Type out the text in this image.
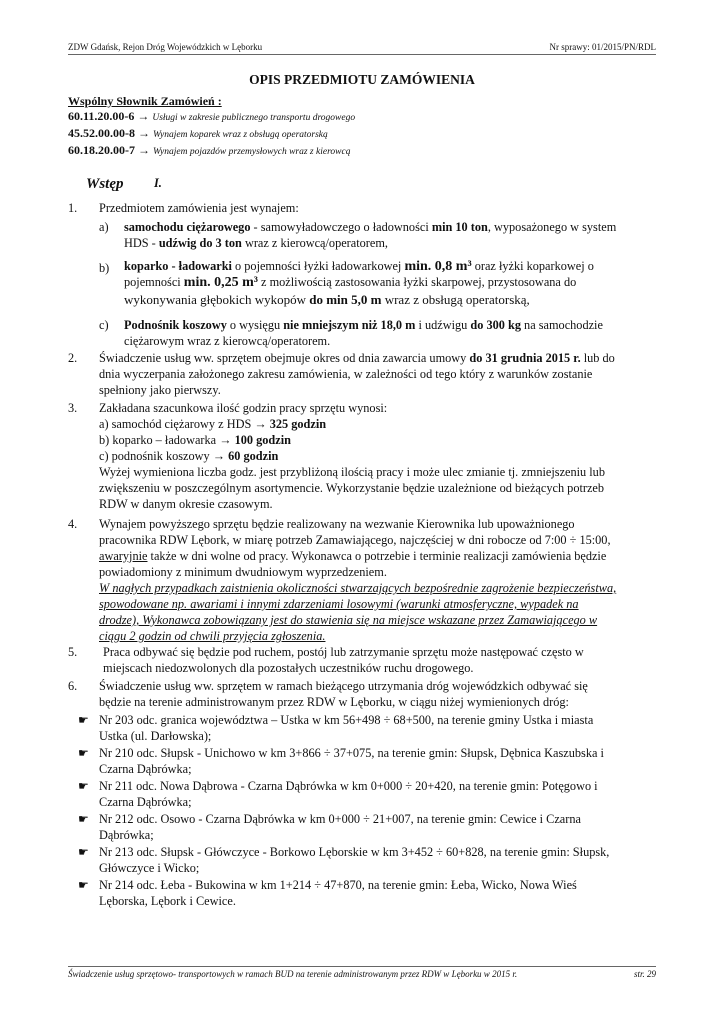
ZDW Gdańsk, Rejon Dróg Wojewódzkich w Lęborku	Nr sprawy: 01/2015/PN/RDL
OPIS PRZEDMIOTU ZAMÓWIENIA
Wspólny Słownik Zamówień :
60.11.20.00-6 → Usługi w zakresie publicznego transportu drogowego
45.52.00.00-8 → Wynajem koparek wraz z obsługą operatorską
60.18.20.00-7 → Wynajem pojazdów przemysłowych wraz z kierowcą
I.
Wstęp
1. Przedmiotem zamówienia jest wynajem:
a) samochodu ciężarowego - samowyładowczego o ładowności min 10 ton, wyposażonego w system
HDS - udźwig do 3 ton wraz z kierowcą/operatorem,
b) koparko - ładowarki o pojemności łyżki ładowarkowej min. 0,8 m³ oraz łyżki koparkowej o
pojemności min. 0,25 m³ z możliwością zastosowania łyżki skarpowej, przystosowana do
wykonywania głębokich wykopów do min 5,0 m wraz z obsługą operatorską,
c) Podnośnik koszowy o wysięgu nie mniejszym niż 18,0 m i udźwigu do 300 kg na samochodzie
ciężarowym wraz z kierowcą/operatorem.
2. Świadczenie usług ww. sprzętem obejmuje okres od dnia zawarcia umowy do 31 grudnia 2015 r. lub do
dnia wyczerpania założonego zakresu zamówienia, w zależności od tego który z warunków zostanie
spełniony jako pierwszy.
3. Zakładana szacunkowa ilość godzin pracy sprzętu wynosi:
a) samochód ciężarowy z HDS → 325 godzin
b) koparko – ładowarka → 100 godzin
c) podnośnik koszowy → 60 godzin
Wyżej wymieniona liczba godz. jest przybliżoną ilością pracy i może ulec zmianie tj. zmniejszeniu lub
zwiększeniu w poszczególnym asortymencie. Wykorzystanie będzie uzależnione od bieżących potrzeb
RDW w danym okresie czasowym.
4. Wynajem powyższego sprzętu będzie realizowany na wezwanie Kierownika lub upoważnionego
pracownika RDW Lębork, w miarę potrzeb Zamawiającego, najczęściej w dni robocze od 7:00 ÷ 15:00,
awaryjnie także w dni wolne od pracy. Wykonawca o potrzebie i terminie realizacji zamówienia będzie
powiadomiony z minimum dwudniowym wyprzedzeniem.
W nagłych przypadkach zaistnienia okoliczności stwarzających bezpośrednie zagrożenie bezpieczeństwa,
spowodowane np. awariami i innymi zdarzeniami losowymi (warunki atmosferyczne, wypadek na
drodze), Wykonawca zobowiązany jest do stawienia się na miejsce wskazane przez Zamawiającego w
ciągu 2 godzin od chwili przyjęcia zgłoszenia.
5. Praca odbywać się będzie pod ruchem, postój lub zatrzymanie sprzętu może następować często w
miejscach niedozwolonych dla pozostałych uczestników ruchu drogowego.
6. Świadczenie usług ww. sprzętem w ramach bieżącego utrzymania dróg wojewódzkich odbywać się
będzie na terenie administrowanym przez RDW w Lęborku, w ciągu niżej wymienionych dróg:
☛ Nr 203 odc. granica województwa – Ustka w km 56+498 ÷ 68+500, na terenie gminy Ustka i miasta
Ustka (ul. Darłowska);
☛ Nr 210 odc. Słupsk - Unichowo w km 3+866 ÷ 37+075, na terenie gmin: Słupsk, Dębnica Kaszubska i
Czarna Dąbrówka;
☛ Nr 211 odc. Nowa Dąbrowa - Czarna Dąbrówka w km 0+000 ÷ 20+420, na terenie gmin: Potęgowo i
Czarna Dąbrówka;
☛ Nr 212 odc. Osowo - Czarna Dąbrówka w km 0+000 ÷ 21+007, na terenie gmin: Cewice i Czarna
Dąbrówka;
☛ Nr 213 odc. Słupsk - Główczyce - Borkowo Lęborskie w km 3+452 ÷ 60+828, na terenie gmin: Słupsk,
Główczyce i Wicko;
☛ Nr 214 odc. Łeba - Bukowina w km 1+214 ÷ 47+870, na terenie gmin: Łeba, Wicko, Nowa Wieś
Lęborska, Lębork i Cewice.
Świadczenie usług sprzętowo- transportowych w ramach BUD na terenie administrowanym przez RDW w Lęborku w 2015 r.	str. 29
